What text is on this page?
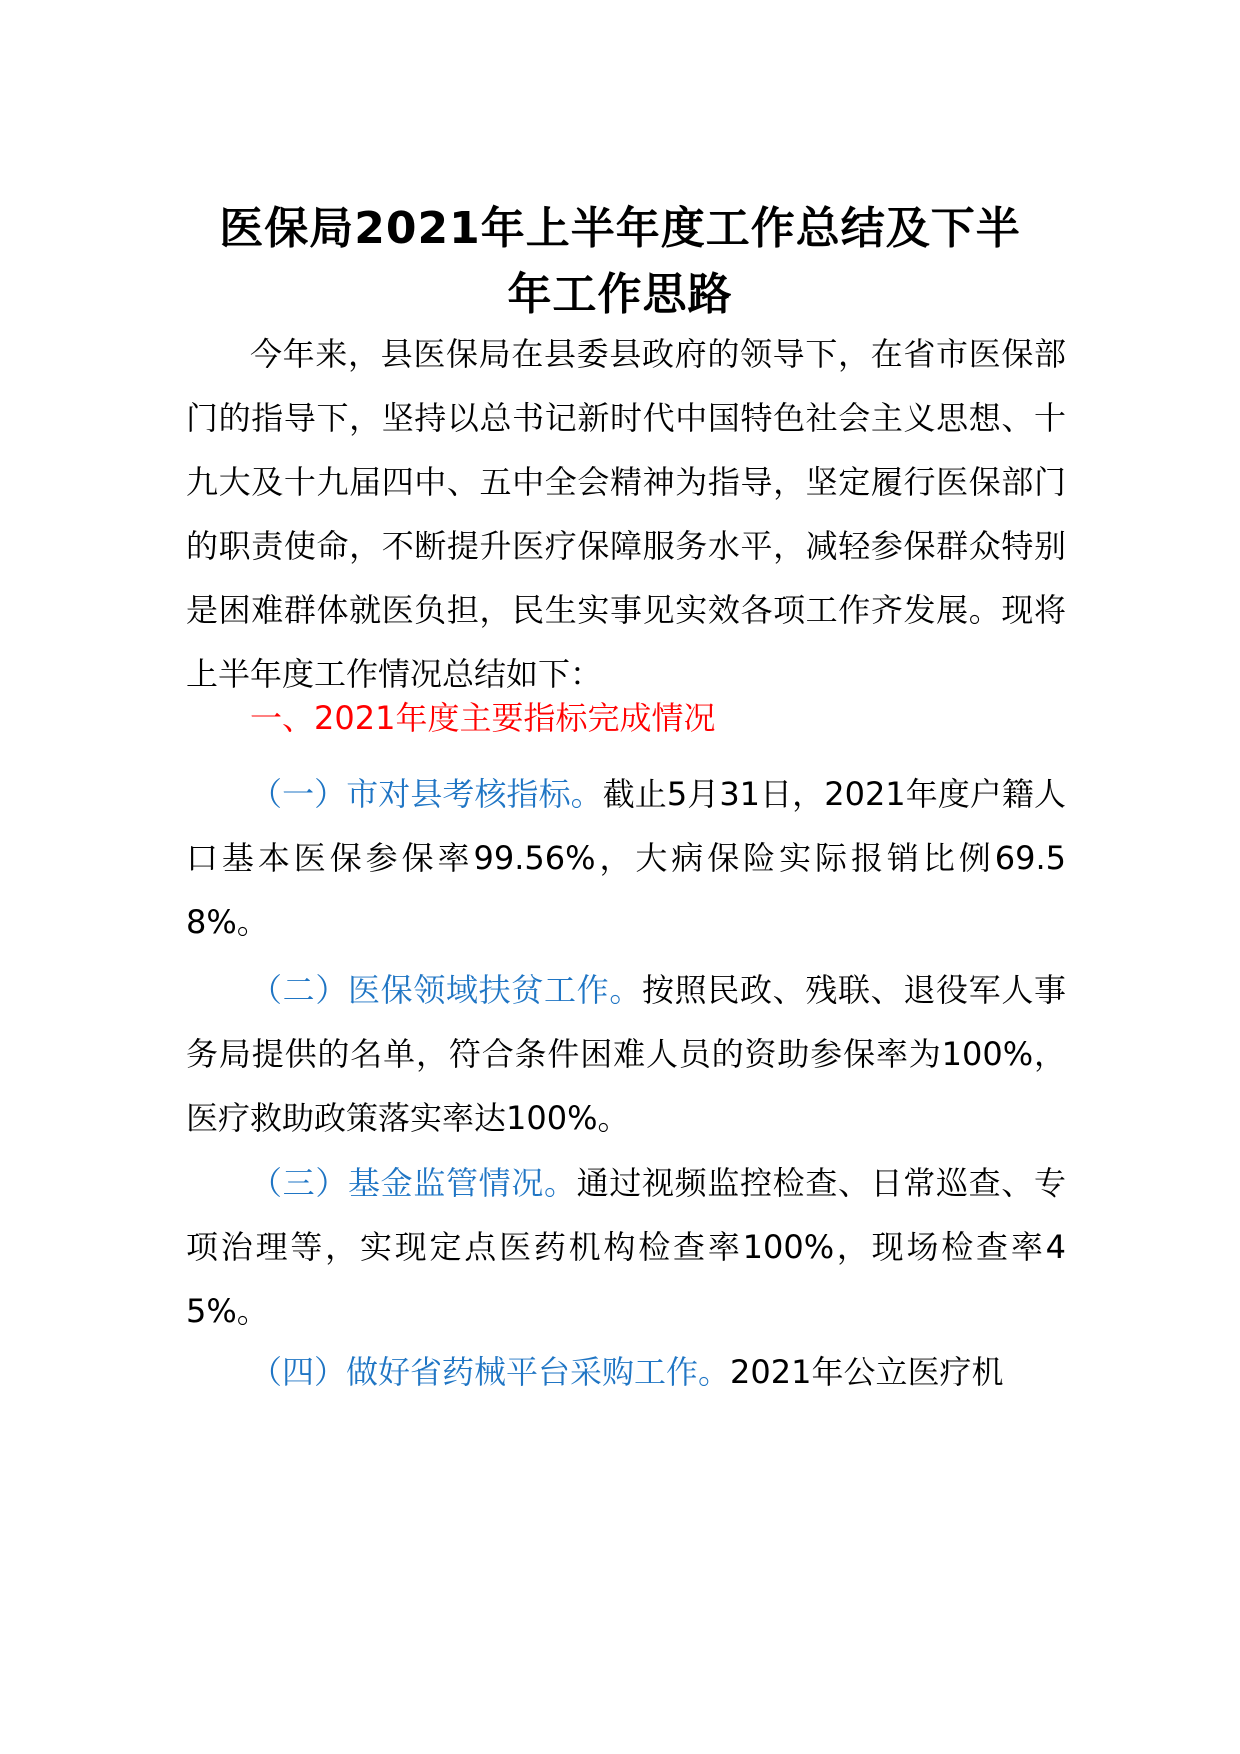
医保局2021年上半年度工作总结及下半
年工作思路

今年来，县医保局在县委县政府的领导下，在省市医保部门的指导下，坚持以总书记新时代中国特色社会主义思想、十九大及十九届四中、五中全会精神为指导，坚定履行医保部门的职责使命，不断提升医疗保障服务水平，减轻参保群众特别是困难群体就医负担，民生实事见实效各项工作齐发展。现将上半年度工作情况总结如下：

一、2021年度主要指标完成情况

（一）市对县考核指标。截止5月31日，2021年度户籍人口基本医保参保率99.56%，大病保险实际报销比例69.58%。

（二）医保领域扶贫工作。按照民政、残联、退役军人事务局提供的名单，符合条件困难人员的资助参保率为100%，医疗救助政策落实率达100%。

（三）基金监管情况。通过视频监控检查、日常巡查、专项治理等，实现定点医药机构检查率100%，现场检查率45%。

（四）做好省药械平台采购工作。2021年公立医疗机
